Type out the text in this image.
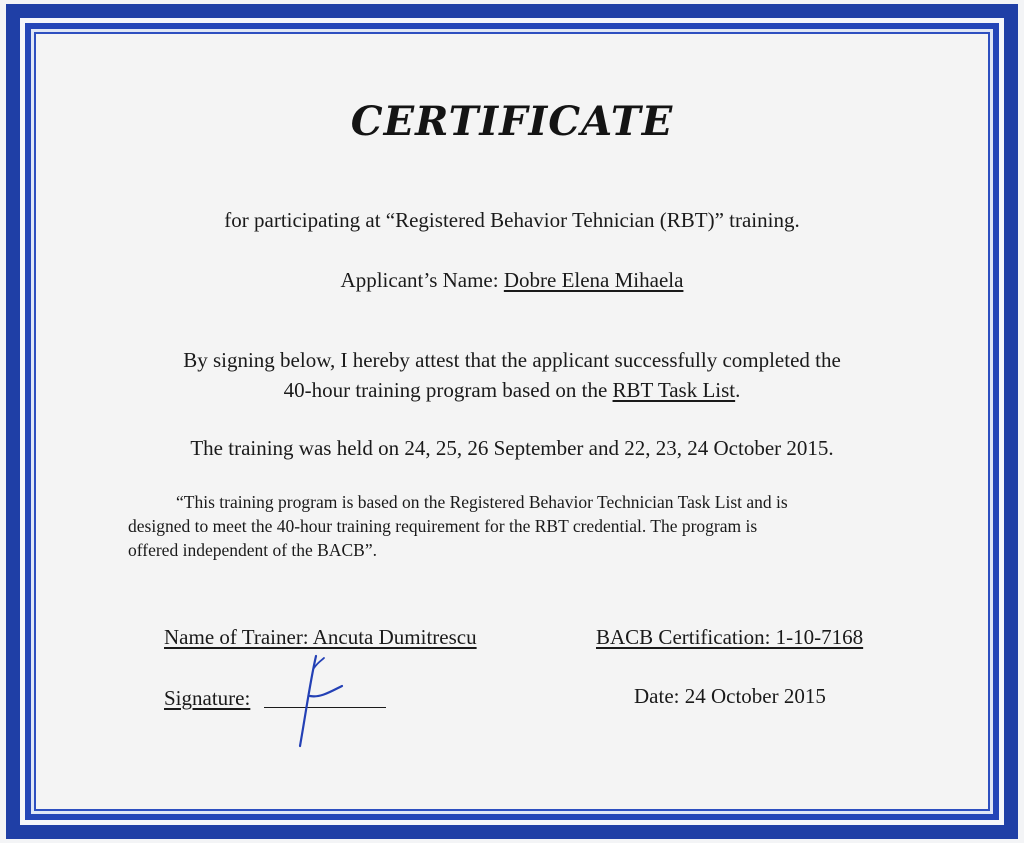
CERTIFICATE
for participating at “Registered Behavior Tehnician (RBT)” training.
Applicant’s Name: Dobre Elena Mihaela
By signing below, I hereby attest that the applicant successfully completed the
40-hour training program based on the RBT Task List.
The training was held on 24, 25, 26 September and 22, 23, 24 October 2015.
“This training program is based on the Registered Behavior Technician Task List and is
designed to meet the 40-hour training requirement for the RBT credential. The program is
offered independent of the BACB”.
Name of Trainer: Ancuta Dumitrescu	BACB Certification: 1-10-7168
Signature:	Date: 24 October 2015
